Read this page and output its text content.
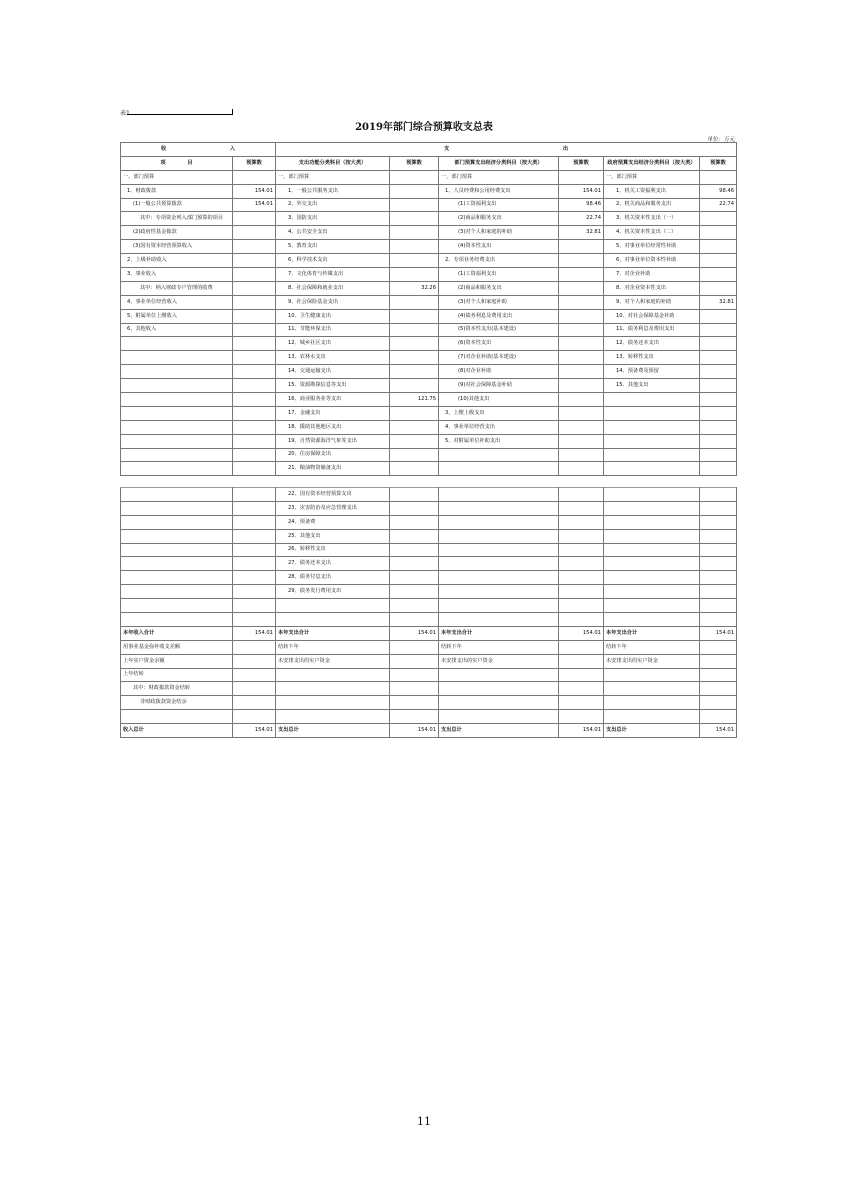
表1
2019年部门综合预算收支总表
单位：万元
收 入		支 出					
项 目	预算数	支出功能分类科目（按大类）	预算数	部门预算支出经济分类科目（按大类）	预算数	政府预算支出经济分类科目（按大类）	预算数
一、部门预算		一、部门预算		一、部门预算		一、部门预算	
1、财政拨款	154.01	1、一般公共服务支出		1、人员经费和公用经费支出	154.01	1、机关工资福利支出	98.46
(1)一般公共预算拨款	154.01	2、外交支出		(1)工资福利支出	98.46	2、机关商品和服务支出	22.74
其中：专项资金列入部门预算的项目		3、国防支出		(2)商品和服务支出	22.74	3、机关资本性支出（一）	
(2)政府性基金拨款		4、公共安全支出		(3)对个人和家庭的补助	32.81	4、机关资本性支出（二）	
(3)国有资本经营预算收入		5、教育支出		(4)资本性支出		5、对事业单位经常性补助	
2、上级补助收入		6、科学技术支出		2、专项业务经费支出		6、对事业单位资本性补助	
3、事业收入		7、文化体育与传媒支出		(1)工资福利支出		7、对企业补助	
其中：纳入财政专户管理的收费		8、社会保障和就业支出	32.26	(2)商品和服务支出		8、对企业资本性支出	
4、事业单位经营收入		9、社会保险基金支出		(3)对个人和家庭补助		9、对个人和家庭的补助	32.81
5、附属单位上缴收入		10、卫生健康支出		(4)债务利息及费用支出		10、对社会保障基金补助	
6、其他收入		11、节能环保支出		(5)资本性支出(基本建设)		11、债务利息及费用支出	
		12、城乡社区支出		(6)资本性支出		12、债务还本支出	
		13、农林水支出		(7)对企业补助(基本建设)		13、转移性支出	
		14、交通运输支出		(8)对企业补助		14、预备费及预留	
		15、资源勘探信息等支出		(9)对社会保障基金补助		15、其他支出	
		16、商业服务业等支出	121.75	(10)其他支出			
		17、金融支出		3、上缴上级支出			
		18、援助其他地区支出		4、事业单位经营支出			
		19、自然资源海洋气象等支出		5、对附属单位补助支出			
		20、住房保障支出					
		21、粮油物资储备支出					
		22、国有资本经营预算支出					
		23、灾害防治及应急管理支出					
		24、预备费					
		25、其他支出					
		26、转移性支出					
		27、债务还本支出					
		28、债务付息支出					
		29、债务发行费用支出					

本年收入合计	154.01	本年支出合计	154.01	本年支出合计	154.01	本年支出合计	154.01
用事业基金弥补收支差额		结转下年		结转下年		结转下年	
上年实户资金余额		未安排支出的实户资金		未安排支出的实户资金		未安排支出的实户资金	
上年结转							
其中：财政拨款资金结转							
非财政拨款资金结余							

收入总计	154.01	支出总计	154.01	支出总计	154.01	支出总计	154.01
11
